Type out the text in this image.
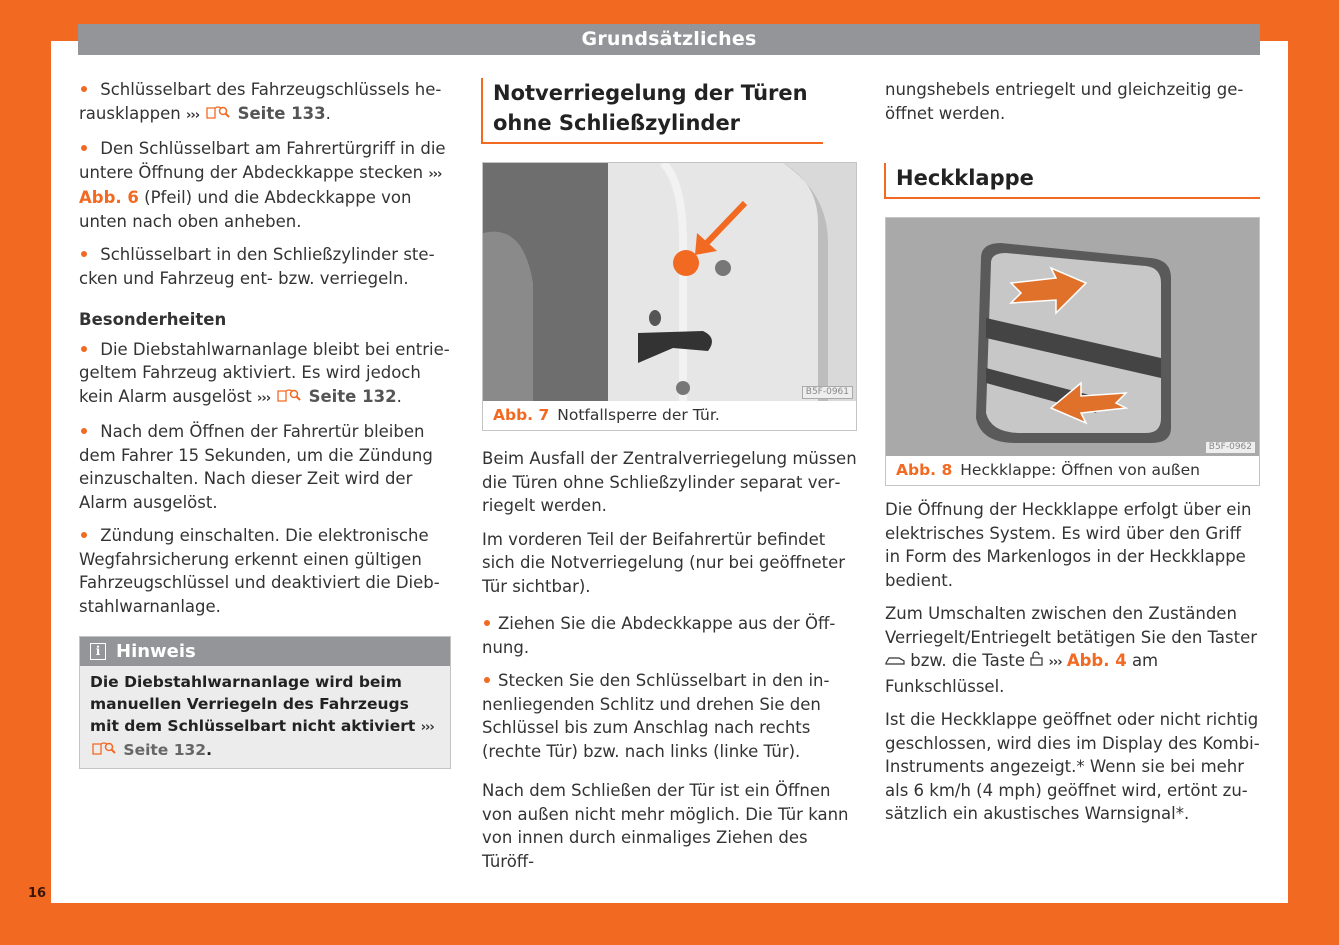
Grundsätzliches
16

Schlüsselbart des Fahrzeugschlüssels herausklappen ››› Seite 133.

Den Schlüsselbart am Fahrertürgriff in die untere Öffnung der Abdeckkappe stecken ››› Abb. 6 (Pfeil) und die Abdeckkappe von unten nach oben anheben.

Schlüsselbart in den Schließzylinder stecken und Fahrzeug ent- bzw. verriegeln.

Besonderheiten

Die Diebstahlwarnanlage bleibt bei entriegeltem Fahrzeug aktiviert. Es wird jedoch kein Alarm ausgelöst ››› Seite 132.

Nach dem Öffnen der Fahrertür bleiben dem Fahrer 15 Sekunden, um die Zündung einzuschalten. Nach dieser Zeit wird der Alarm ausgelöst.

Zündung einschalten. Die elektronische Wegfahrsicherung erkennt einen gültigen Fahrzeugschlüssel und deaktiviert die Diebstahlwarnanlage.

i Hinweis
Die Diebstahlwarnanlage wird beim manuellen Verriegeln des Fahrzeugs mit dem Schlüsselbart nicht aktiviert ›››  Seite 132.
Notverriegelung der Türen ohne Schließzylinder
B5F-0961
Abb. 7 Notfallsperre der Tür.

Beim Ausfall der Zentralverriegelung müssen die Türen ohne Schließzylinder separat verriegelt werden.

Im vorderen Teil der Beifahrertür befindet sich die Notverriegelung (nur bei geöffneter Tür sichtbar).

Ziehen Sie die Abdeckkappe aus der Öffnung.

Stecken Sie den Schlüsselbart in den innenliegenden Schlitz und drehen Sie den Schlüssel bis zum Anschlag nach rechts (rechte Tür) bzw. nach links (linke Tür).

Nach dem Schließen der Tür ist ein Öffnen von außen nicht mehr möglich. Die Tür kann von innen durch einmaliges Ziehen des Türöff-

nungshebels entriegelt und gleichzeitig geöffnet werden.

Heckklappe
B5F-0962
Abb. 8 Heckklappe: Öffnen von außen

Die Öffnung der Heckklappe erfolgt über ein elektrisches System. Es wird über den Griff in Form des Markenlogos in der Heckklappe bedient.

Zum Umschalten zwischen den Zuständen Verriegelt/Entriegelt betätigen Sie den Taster  bzw. die Taste  ››› Abb. 4 am Funkschlüssel.

Ist die Heckklappe geöffnet oder nicht richtig geschlossen, wird dies im Display des KombiInstruments angezeigt.* Wenn sie bei mehr als 6 km/h (4 mph) geöffnet wird, ertönt zusätzlich ein akustisches Warnsignal*.
